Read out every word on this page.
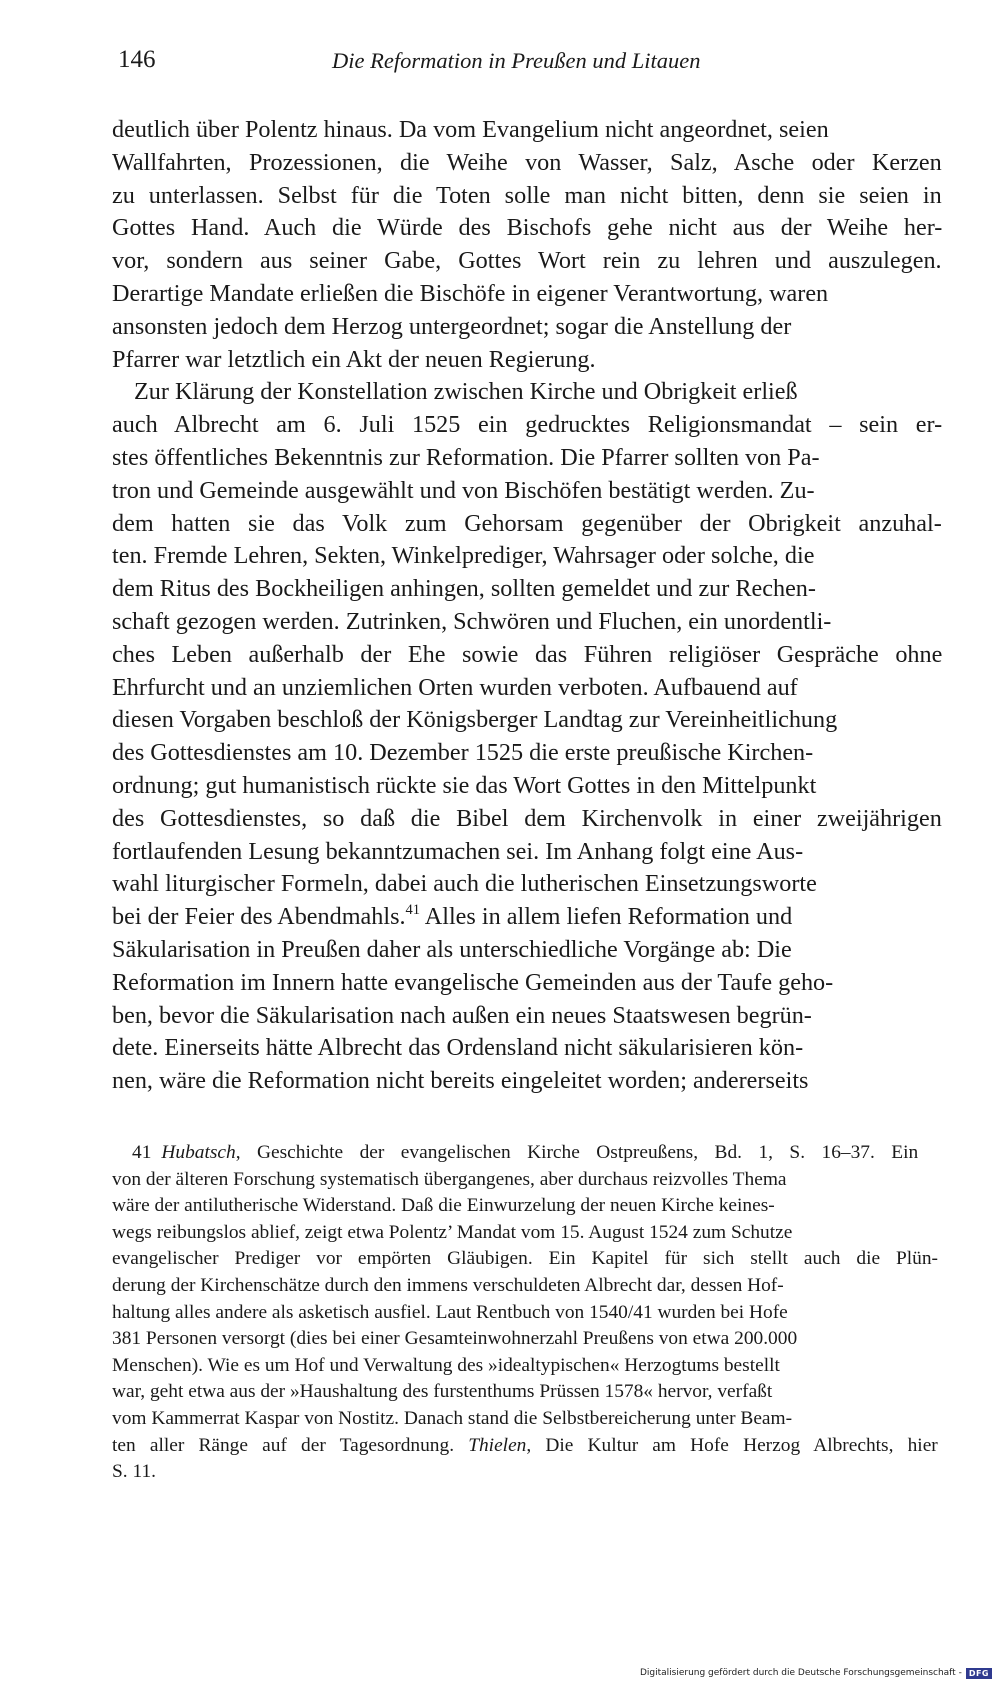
146	Die Reformation in Preußen und Litauen
deutlich über Polentz hinaus. Da vom Evangelium nicht angeordnet, seien
Wallfahrten, Prozessionen, die Weihe von Wasser, Salz, Asche oder Kerzen
zu unterlassen. Selbst für die Toten solle man nicht bitten, denn sie seien in
Gottes Hand. Auch die Würde des Bischofs gehe nicht aus der Weihe her-
vor, sondern aus seiner Gabe, Gottes Wort rein zu lehren und auszulegen.
Derartige Mandate erließen die Bischöfe in eigener Verantwortung, waren
ansonsten jedoch dem Herzog untergeordnet; sogar die Anstellung der
Pfarrer war letztlich ein Akt der neuen Regierung.
Zur Klärung der Konstellation zwischen Kirche und Obrigkeit erließ
auch Albrecht am 6. Juli 1525 ein gedrucktes Religionsmandat – sein er-
stes öffentliches Bekenntnis zur Reformation. Die Pfarrer sollten von Pa-
tron und Gemeinde ausgewählt und von Bischöfen bestätigt werden. Zu-
dem hatten sie das Volk zum Gehorsam gegenüber der Obrigkeit anzuhal-
ten. Fremde Lehren, Sekten, Winkelprediger, Wahrsager oder solche, die
dem Ritus des Bockheiligen anhingen, sollten gemeldet und zur Rechen-
schaft gezogen werden. Zutrinken, Schwören und Fluchen, ein unordentli-
ches Leben außerhalb der Ehe sowie das Führen religiöser Gespräche ohne
Ehrfurcht und an unziemlichen Orten wurden verboten. Aufbauend auf
diesen Vorgaben beschloß der Königsberger Landtag zur Vereinheitlichung
des Gottesdienstes am 10. Dezember 1525 die erste preußische Kirchen-
ordnung; gut humanistisch rückte sie das Wort Gottes in den Mittelpunkt
des Gottesdienstes, so daß die Bibel dem Kirchenvolk in einer zweijährigen
fortlaufenden Lesung bekanntzumachen sei. Im Anhang folgt eine Aus-
wahl liturgischer Formeln, dabei auch die lutherischen Einsetzungsworte
bei der Feier des Abendmahls.$^{41}$ Alles in allem liefen Reformation und
Säkularisation in Preußen daher als unterschiedliche Vorgänge ab: Die
Reformation im Innern hatte evangelische Gemeinden aus der Taufe geho-
ben, bevor die Säkularisation nach außen ein neues Staatswesen begrün-
dete. Einerseits hätte Albrecht das Ordensland nicht säkularisieren kön-
nen, wäre die Reformation nicht bereits eingeleitet worden; andererseits
41 Hubatsch, Geschichte der evangelischen Kirche Ostpreußens, Bd. 1, S. 16–37. Ein
von der älteren Forschung systematisch übergangenes, aber durchaus reizvolles Thema
wäre der antilutherische Widerstand. Daß die Einwurzelung der neuen Kirche keines-
wegs reibungslos ablief, zeigt etwa Polentz’ Mandat vom 15. August 1524 zum Schutze
evangelischer Prediger vor empörten Gläubigen. Ein Kapitel für sich stellt auch die Plün-
derung der Kirchenschätze durch den immens verschuldeten Albrecht dar, dessen Hof-
haltung alles andere als asketisch ausfiel. Laut Rentbuch von 1540/41 wurden bei Hofe
381 Personen versorgt (dies bei einer Gesamteinwohnerzahl Preußens von etwa 200.000
Menschen). Wie es um Hof und Verwaltung des »idealtypischen« Herzogtums bestellt
war, geht etwa aus der »Haushaltung des furstenthums Prüssen 1578« hervor, verfaßt
vom Kammerrat Kaspar von Nostitz. Danach stand die Selbstbereicherung unter Beam-
ten aller Ränge auf der Tagesordnung. Thielen, Die Kultur am Hofe Herzog Albrechts, hier
S. 11.
Digitalisierung gefördert durch die Deutsche Forschungsgemeinschaft - DFG
